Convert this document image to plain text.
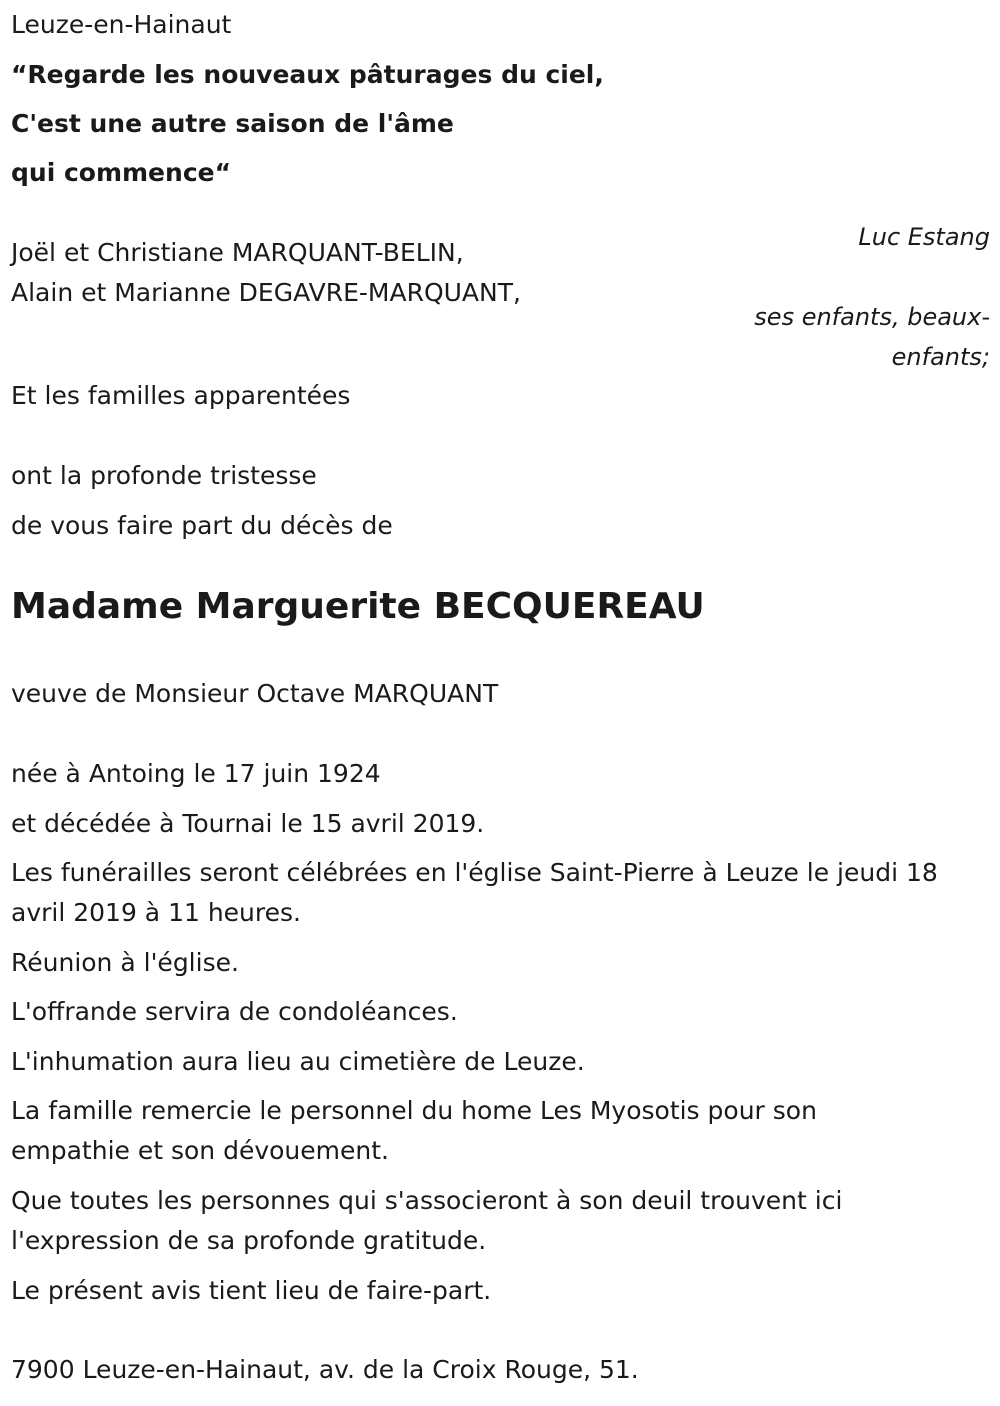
Leuze-en-Hainaut
“Regarde les nouveaux pâturages du ciel,
C'est une autre saison de l'âme
qui commence“
Luc Estang
Joël et Christiane MARQUANT-BELIN,
Alain et Marianne DEGAVRE-MARQUANT,
ses enfants, beaux-
enfants;
Et les familles apparentées
ont la profonde tristesse
de vous faire part du décès de
Madame Marguerite BECQUEREAU
veuve de Monsieur Octave MARQUANT
née à Antoing le 17 juin 1924
et décédée à Tournai le 15 avril 2019.
Les funérailles seront célébrées en l'église Saint-Pierre à Leuze le jeudi 18 avril 2019 à 11 heures.
Réunion à l'église.
L'offrande servira de condoléances.
L'inhumation aura lieu au cimetière de Leuze.
La famille remercie le personnel du home Les Myosotis pour son empathie et son dévouement.
Que toutes les personnes qui s'associeront à son deuil trouvent ici l'expression de sa profonde gratitude.
Le présent avis tient lieu de faire-part.
7900 Leuze-en-Hainaut, av. de la Croix Rouge, 51.
